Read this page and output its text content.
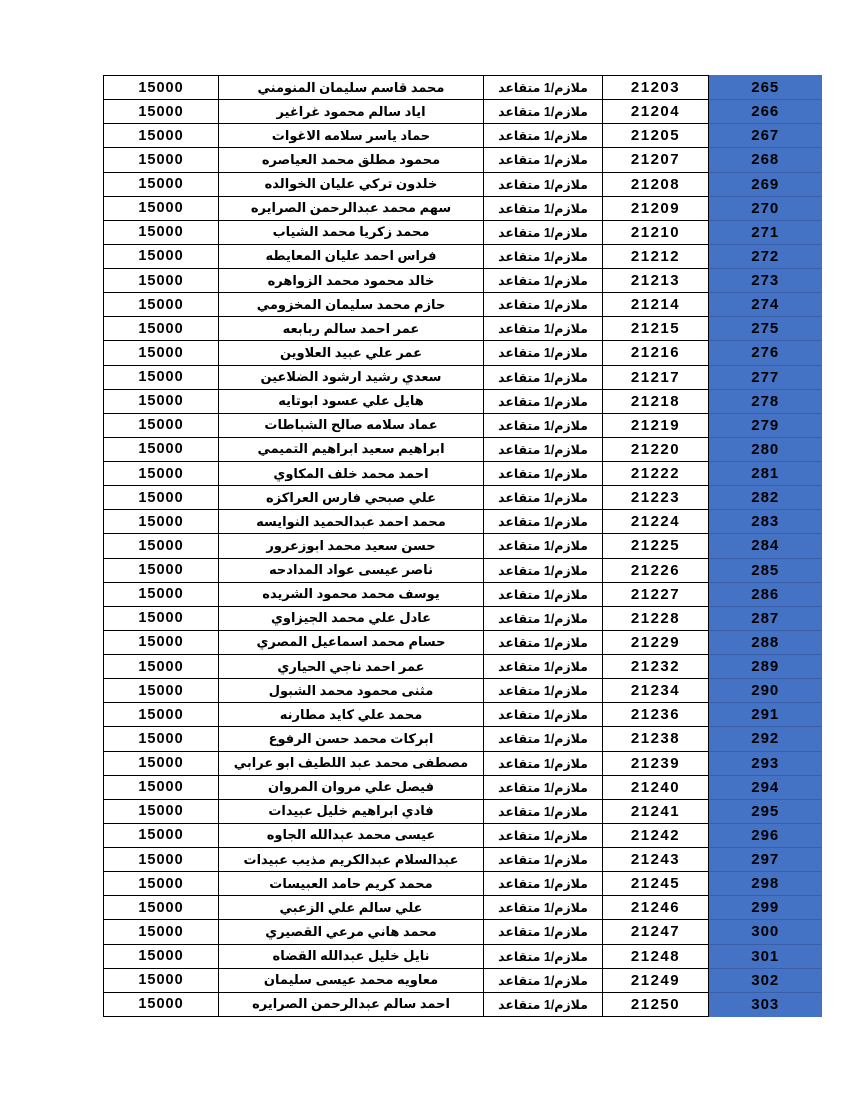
15000	محمد قاسم سليمان المنومني	ملازم/1 متقاعد	21203	265
15000	اياد سالم محمود غراغير	ملازم/1 متقاعد	21204	266
15000	حماد ياسر سلامه الاغوات	ملازم/1 متقاعد	21205	267
15000	محمود مطلق محمد العياصره	ملازم/1 متقاعد	21207	268
15000	خلدون تركي عليان الخوالده	ملازم/1 متقاعد	21208	269
15000	سهم محمد عبدالرحمن الصرايره	ملازم/1 متقاعد	21209	270
15000	محمد زكريا محمد الشياب	ملازم/1 متقاعد	21210	271
15000	فراس احمد عليان المعايطه	ملازم/1 متقاعد	21212	272
15000	خالد محمود محمد الزواهره	ملازم/1 متقاعد	21213	273
15000	حازم محمد سليمان المخزومي	ملازم/1 متقاعد	21214	274
15000	عمر احمد سالم ربابعه	ملازم/1 متقاعد	21215	275
15000	عمر علي عبيد العلاوين	ملازم/1 متقاعد	21216	276
15000	سعدي رشيد ارشود الضلاعين	ملازم/1 متقاعد	21217	277
15000	هايل علي عسود ابوتايه	ملازم/1 متقاعد	21218	278
15000	عماد سلامه صالح الشباطات	ملازم/1 متقاعد	21219	279
15000	ابراهيم سعيد ابراهيم التميمي	ملازم/1 متقاعد	21220	280
15000	احمد محمد خلف المكاوي	ملازم/1 متقاعد	21222	281
15000	علي صبحي فارس العراكزه	ملازم/1 متقاعد	21223	282
15000	محمد احمد عبدالحميد النوايسه	ملازم/1 متقاعد	21224	283
15000	حسن سعيد محمد ابوزعرور	ملازم/1 متقاعد	21225	284
15000	ناصر عيسى عواد المدادحه	ملازم/1 متقاعد	21226	285
15000	يوسف محمد محمود الشريده	ملازم/1 متقاعد	21227	286
15000	عادل علي محمد الجيزاوي	ملازم/1 متقاعد	21228	287
15000	حسام محمد اسماعيل المصري	ملازم/1 متقاعد	21229	288
15000	عمر احمد ناجي الحياري	ملازم/1 متقاعد	21232	289
15000	مثنى محمود محمد الشبول	ملازم/1 متقاعد	21234	290
15000	محمد علي كايد مطارنه	ملازم/1 متقاعد	21236	291
15000	ابركات محمد حسن الرفوع	ملازم/1 متقاعد	21238	292
15000	مصطفى محمد عبد اللطيف ابو عرابي	ملازم/1 متقاعد	21239	293
15000	فيصل علي مروان المروان	ملازم/1 متقاعد	21240	294
15000	فادي ابراهيم خليل عبيدات	ملازم/1 متقاعد	21241	295
15000	عيسى محمد عبدالله الجاوه	ملازم/1 متقاعد	21242	296
15000	عبدالسلام عبدالكريم مذيب عبيدات	ملازم/1 متقاعد	21243	297
15000	محمد كريم حامد العبيسات	ملازم/1 متقاعد	21245	298
15000	علي سالم علي الزعبي	ملازم/1 متقاعد	21246	299
15000	محمد هاني مرعي القصيري	ملازم/1 متقاعد	21247	300
15000	نايل خليل عبدالله القضاه	ملازم/1 متقاعد	21248	301
15000	معاويه محمد عيسى سليمان	ملازم/1 متقاعد	21249	302
15000	احمد سالم عبدالرحمن الصرايره	ملازم/1 متقاعد	21250	303
